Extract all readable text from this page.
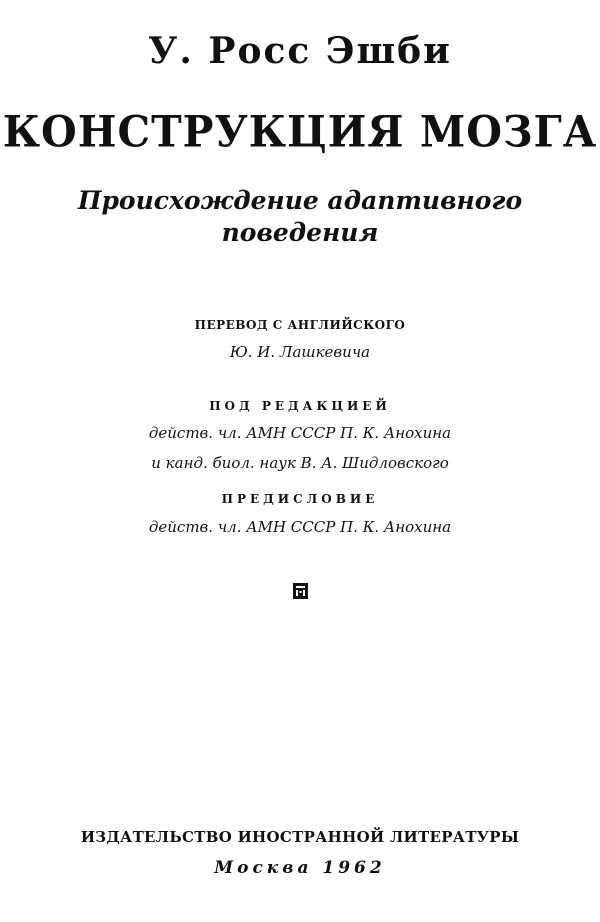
У. Росс Эшби
КОНСТРУКЦИЯ МОЗГА
Происхождение адаптивного
поведения
ПЕРЕВОД С АНГЛИЙСКОГО
Ю. И. Лашкевича
ПОД РЕДАКЦИЕЙ
действ. чл. АМН СССР П. К. Анохина
и канд. биол. наук В. А. Шидловского
ПРЕДИСЛОВИЕ
действ. чл. АМН СССР П. К. Анохина
ИЗДАТЕЛЬСТВО ИНОСТРАННОЙ ЛИТЕРАТУРЫ
Москва 1962
